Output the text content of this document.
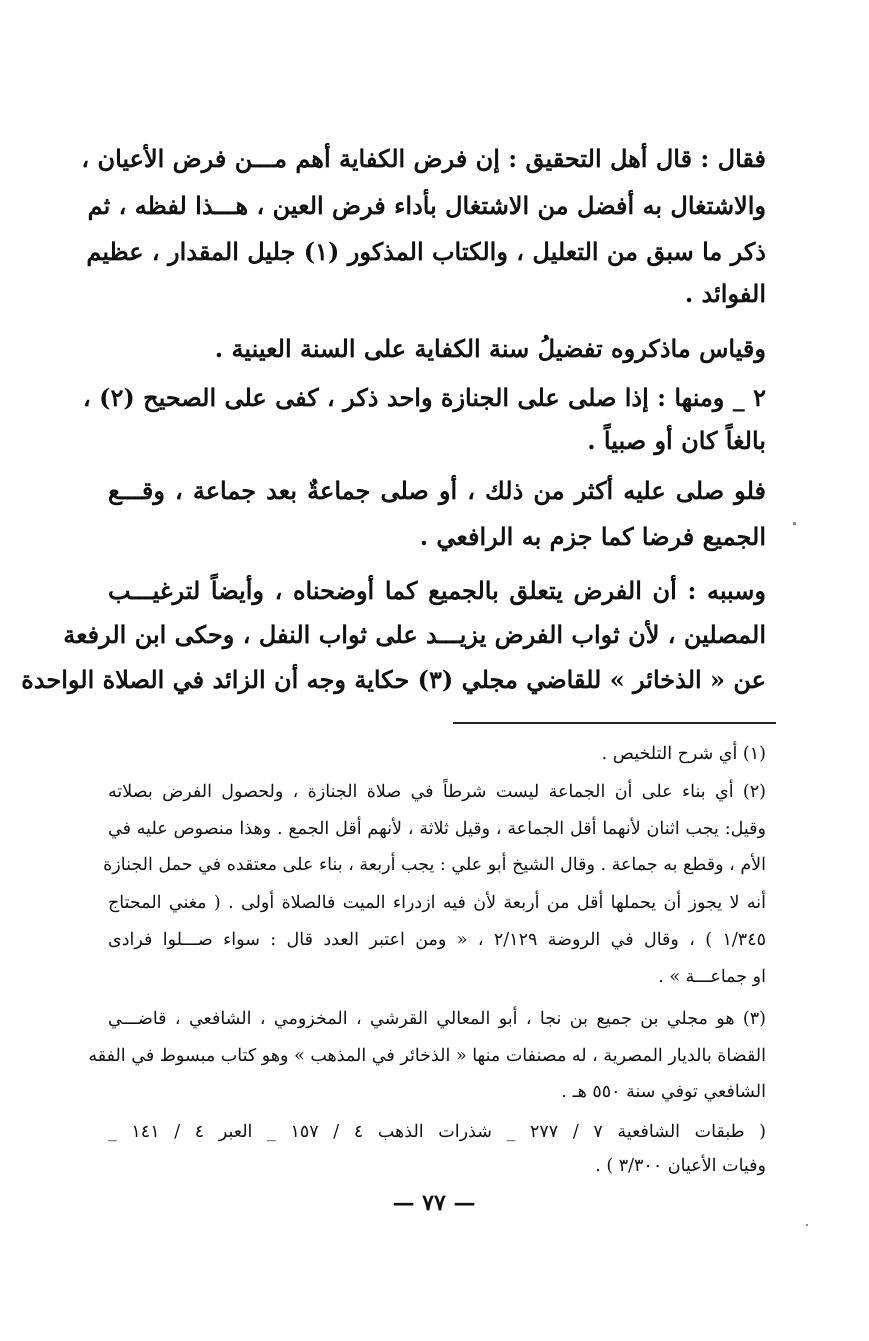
فقال : قال أهل التحقيق : إن فرض الكفاية أهم مـــن فرض الأعيان ،
والاشتغال به أفضل من الاشتغال بأداء فرض العين ، هـــذا لفظه ، ثم
ذكر ما سبق من التعليل ، والكتاب المذكور (١) جليل المقدار ، عظيم
الفوائد .
وقياس ماذكروه تفضيلُ سنة الكفاية على السنة العينية .
٢ _ ومنها : إذا صلى على الجنازة واحد ذكر ، كفى على الصحيح (٢) ،
بالغاً كان أو صبياً .
فلو صلى عليه أكثر من ذلك ، أو صلى جماعةٌ بعد جماعة ، وقـــع
الجميع فرضا كما جزم به الرافعي .
وسببه : أن الفرض يتعلق بالجميع كما أوضحناه ، وأيضاً لترغيـــب
المصلين ، لأن ثواب الفرض يزيـــد على ثواب النفل ، وحكى ابن الرفعة
عن « الذخائر » للقاضي مجلي (٣) حكاية وجه أن الزائد في الصلاة الواحدة
(١) أي شرح التلخيص .
(٢) أي بناء على أن الجماعة ليست شرطاً في صلاة الجنازة ، ولحصول الفرض بصلاته
وقيل: يجب اثنان لأنهما أقل الجماعة ، وقيل ثلاثة ، لأنهم أقل الجمع . وهذا منصوص عليه في
الأم ، وقطع به جماعة . وقال الشيخ أبو علي : يجب أربعة ، بناء على معتقده في حمل الجنازة
أنه لا يجوز أن يحملها أقل من أربعة لأن فيه ازدراء الميت فالصلاة أولى . ( مغني المحتاج
١/٣٤٥ ) ، وقال في الروضة ٢/١٢٩ ، « ومن اعتبر العدد قال : سواء صـــلوا فرادى
او جماعـــة » .
(٣) هو مجلي بن جميع بن نجا ، أبو المعالي القرشي ، المخزومي ، الشافعي ، قاضـــي
القضاة بالديار المصرية ، له مصنفات منها « الذخائر في المذهب » وهو كتاب مبسوط في الفقه
الشافعي توفي سنة ٥٥٠ هـ .
( طبقات الشافعية ٧ / ٢٧٧ _ شذرات الذهب ٤ / ١٥٧ _ العبر ٤ / ١٤١ _
وفيات الأعيان ٣/٣٠٠ ) .
— ٧٧ —
